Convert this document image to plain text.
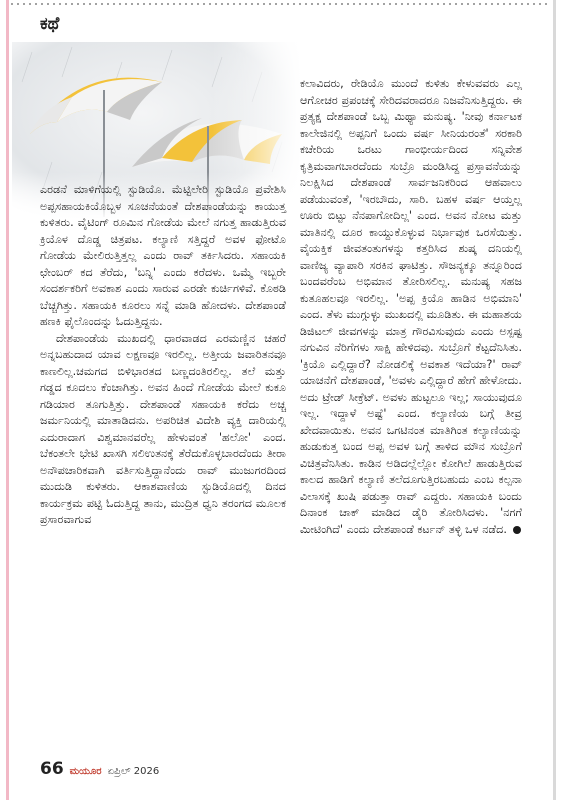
ಕಥೆ

ಎರಡನೆ ಮಾಳಿಗೆಯಲ್ಲಿ ಸ್ಟುಡಿಯೊ. ಮೆಟ್ಟಿಲೇರಿ ಸ್ಟುಡಿಯೊ ಪ್ರವೇಶಿಸಿ ಅಪ್ಪಸಹಾಯಕಿಯೊಬ್ಬಳ ಸೂಚನೆಯಂತೆ ದೇಶಪಾಂಡೆಯನ್ನು ಕಾಯುತ್ತ ಕುಳಿತರು. ವೈಟಿಂಗ್ ರೂಮಿನ ಗೋಡೆಯ ಮೇಲೆ ನಗುತ್ತ ಹಾಡುತ್ತಿರುವ ಕ್ರಿಯೊಳ ದೊಡ್ಡ ಚಿತ್ರಪಟ. ಕಲ್ಯಾಣಿ ಸತ್ತಿದ್ದರೆ ಅವಳ ಫೋಟೊ ಗೋಡೆಯ ಮೇಲಿರುತ್ತಿತ್ತಲ್ಲ ಎಂದು ರಾವ್ ತರ್ಕಿಸಿದರು. ಸಹಾಯಕಿ ಛೇಂಬರ್ ಕದ ತೆರೆದು, 'ಬನ್ನಿ' ಎಂದು ಕರೆದಳು. ಒಮ್ಮೆ ಇಬ್ಬರೇ ಸಂದರ್ಶಕರಿಗೆ ಅವಕಾಶ ಎಂದು ಸಾರುವ ಎರಡೇ ಕುರ್ಚಿಗಳಿವೆ. ಕೊಠಡಿ ಬೆಚ್ಚಗಿತ್ತು. ಸಹಾಯಕಿ ಕೂರಲು ಸನ್ನೆ ಮಾಡಿ ಹೋದಳು. ದೇಶಪಾಂಡೆ ಹಣಕಿ ಫೈಲೊಂದನ್ನು ಓದುತ್ತಿದ್ದನು.

ದೇಶಪಾಂಡೆಯ ಮುಖದಲ್ಲಿ ಧಾರವಾಡದ ಎರಮಣ್ಣಿನ ಚಹರೆ ಅನ್ನಬಹುದಾದ ಯಾವ ಲಕ್ಷಣವೂ ಇರಲಿಲ್ಲ. ಅತ್ತೀಯ ಜವಾರಿತನವೂ ಕಾಣಲಿಲ್ಲ.ಚಮಗದ ಬಿಳಿಭಾರತದ ಬಣ್ಣದಂತಿರಲಿಲ್ಲ. ತಲೆ ಮತ್ತು ಗಡ್ಡದ ಕೂದಲು ಕೆಂಚಾಗಿತ್ತು. ಅವನ ಹಿಂದೆ ಗೋಡೆಯ ಮೇಲೆ ಕುಕೂ ಗಡಿಯಾರ ತೂಗುತ್ತಿತ್ತು. ದೇಶಪಾಂಡೆ ಸಹಾಯಕಿ ಕರೆದು ಅಚ್ಚ ಜರ್ಮನಿಯಲ್ಲಿ ಮಾತಾಡಿದನು. ಅಪರಿಚಿತ ವಿದೇಶಿ ವ್ಯಕ್ತಿ ದಾರಿಯಲ್ಲಿ ಎದುರಾದಾಗ ವಿಶ್ವಮಾನವರೆಲ್ಲ ಹೇಳುವಂತೆ 'ಹಲೋ' ಎಂದ. ಬೆಕಂತಲೇ ಭೇಟಿ ಖಾಸಗಿ ಸಲಿಉತನಕ್ಕೆ ತೆರೆದುಕೊಳ್ಳಬಾರದೆಂದು ತೀರಾ ಅನೌಪಚಾರಿಕವಾಗಿ ವರ್ತಿಸುತ್ತಿದ್ದಾನೆಂದು ರಾವ್ ಮುಜುಗರದಿಂದ ಮುದುಡಿ ಕುಳಿತರು. ಆಕಾಶವಾಣಿಯ ಸ್ಟುಡಿಯೊದಲ್ಲಿ ದಿನದ ಕಾರ್ಯಕ್ರಮ ಪಟ್ಟಿ ಓದುತ್ತಿದ್ದ ತಾನು, ಮುದ್ರಿತ ಧ್ವನಿ ತರಂಗದ ಮೂಲಕ ಪ್ರಸಾರವಾಗುವ

ಕಲಾವಿದರು, ರೇಡಿಯೊ ಮುಂದೆ ಕುಳಿತು ಕೇಳುವವರು ಎಲ್ಲ ಆಗೋಚರ ಪ್ರಪಂಚಕ್ಕೆ ಸೇರಿದವರಾದರೂ ನಿಜವೆನಿಸುತ್ತಿದ್ದರು. ಈ ಪ್ರತ್ಯಕ್ಷ ದೇಶಪಾಂಡೆ ಒಬ್ಬ ಮಿಥ್ಯಾ ಮನುಷ್ಯ. 'ನೀವು ಕರ್ನಾಟಕ ಕಾಲೇಜಿನಲ್ಲಿ ಅಪ್ಪನಿಗೆ ಒಂದು ವರ್ಷ ಸೀನಿಯರಂತೆ' ಸರಕಾರಿ ಕಚೇರಿಯ ಒರಟು ಗಾಂಭೀರ್ಯದಿಂದ ಸನ್ನಿವೇಶ ಕೃತ್ರಿಮವಾಗಬಾರದೆಂದು ಸುಬ್ರೊ ಮಂಡಿಸಿದ್ದ ಪ್ರಸ್ತಾವನೆಯನ್ನು ನಿಲಕ್ಷಿಸಿದ ದೇಶಪಾಂಡೆ ಸಾರ್ವಜನಿಕರಿಂದ ಆಹವಾಲು ಪಡೆಯುವಂತೆ, 'ಇರಬೌದು, ಸಾರಿ. ಬಹಳ ವರ್ಷ ಆಯ್ತಲ್ಲ ಊರು ಬಿಟ್ಟು ನೆನಪಾಗೋದಿಲ್ಲ' ಎಂದ. ಅವನ ನೋಟ ಮತ್ತು ಮಾತಿನಲ್ಲಿ ದೂರ ಕಾಯ್ದುಕೊಳ್ಳುವ ನಿರ್ಭಾವುಕ ಒರಸೆಯಿತ್ತು. ವೈಯಕ್ತಿಕ ಜೀವತಂತುಗಳನ್ನು ಕತ್ತರಿಸಿದ ಶುಷ್ಕ ದನಿಯಲ್ಲಿ ವಾಣಿಜ್ಯ ವ್ಯಾಪಾರಿ ಸರಕಿನ ಘಾಟಿತ್ತು. ಸೌಜನ್ಯಕ್ಕೂ ತನ್ನೂರಿಂದ ಬಂದವರೆಂಬ ಅಭಿಮಾನ ತೋರಿಸಲಿಲ್ಲ. ಮನುಷ್ಯ ಸಹಜ ಕುತೂಹಲವೂ ಇರಲಿಲ್ಲ. 'ಅಪ್ಪ ಕ್ರಿಯೊ ಹಾಡಿನ ಅಭಿಮಾನಿ' ಎಂದ. ತೆಳು ಮುಗ್ಗುಳ್ಳು ಮುಖದಲ್ಲಿ ಮೂಡಿತು. ಈ ಮಹಾಶಯ ಡಿಜಿಟಲ್ ಜೀವಗಳನ್ನು ಮಾತ್ರ ಗೌರವಿಸುವುದು ಎಂದು ಅಸ್ಪಷ್ಟ ನಗುವಿನ ನೆರಿಗೆಗಳು ಸಾಕ್ಷಿ ಹೇಳಿದವು. ಸುಬ್ರೊಗೆ ಕೆಟ್ಟದೆನಿಸಿತು. 'ಕ್ರಿಯೊ ಎಲ್ಲಿದ್ದಾರೆ? ನೋಡಲಿಕ್ಕೆ ಅವಕಾಶ ಇದೆಯಾ?' ರಾವ್ ಯಾಚನೆಗೆ ದೇಶಪಾಂಡೆ, 'ಅವಳು ಎಲ್ಲಿದ್ದಾರೆ ಹೇಗೆ ಹೇಳೋದು. ಅದು ಟ್ರೇಡ್ ಸೀಕ್ರೆಟ್. ಅವಳು ಹುಟ್ಟಲೂ ಇಲ್ಲ; ಸಾಯುವುದೂ ಇಲ್ಲ. ಇದ್ದಾಳೆ ಅಷ್ಟೆ' ಎಂದ. ಕಲ್ಯಾಣಿಯ ಬಗ್ಗೆ ತೀವ್ರ ಖೇದವಾಯಿತು. ಅವನ ಒಗಟಿನಂತ ಮಾತಿಗಿಂತ ಕಲ್ಯಾಣಿಯನ್ನು ಹುಡುಕುತ್ತ ಬಂದ ಅಪ್ಪ ಅವಳ ಬಗ್ಗೆ ತಾಳಿದ ಮೌನ ಸುಬ್ರೊಗೆ ವಿಚಿತ್ರವೆನಿಸಿತು. ಕಾಡಿನ ಅಡಿದಲ್ಲೆಲ್ಲೋ ಕೋಗಿಲೆ ಹಾಡುತ್ತಿರುವ ಕಾಲದ ಹಾಡಿಗೆ ಕಲ್ಯಾಣಿ ತಲೆದೂಗುತ್ತಿರಬಹುದು ಎಂಬ ಕಲ್ಪನಾ ವಿಲಾಸಕ್ಕೆ ಖುಷಿ ಪಡುತ್ತಾ ರಾವ್ ಎದ್ದರು. ಸಹಾಯಕಿ ಬಂದು ದಿನಾಂಕ ಚಾಕ್ ಮಾಡಿದ ಡೈರಿ ತೋರಿಸಿದಳು. 'ನಗಗೆ ಮೀಟಿಂಗಿದೆ' ಎಂದು ದೇಶಪಾಂಡೆ ಕರ್ಟನ್ ತಳ್ಳಿ ಒಳ ನಡೆದ.

66 ಮಯೂರ ಏಪ್ರಿಲ್ 2026
